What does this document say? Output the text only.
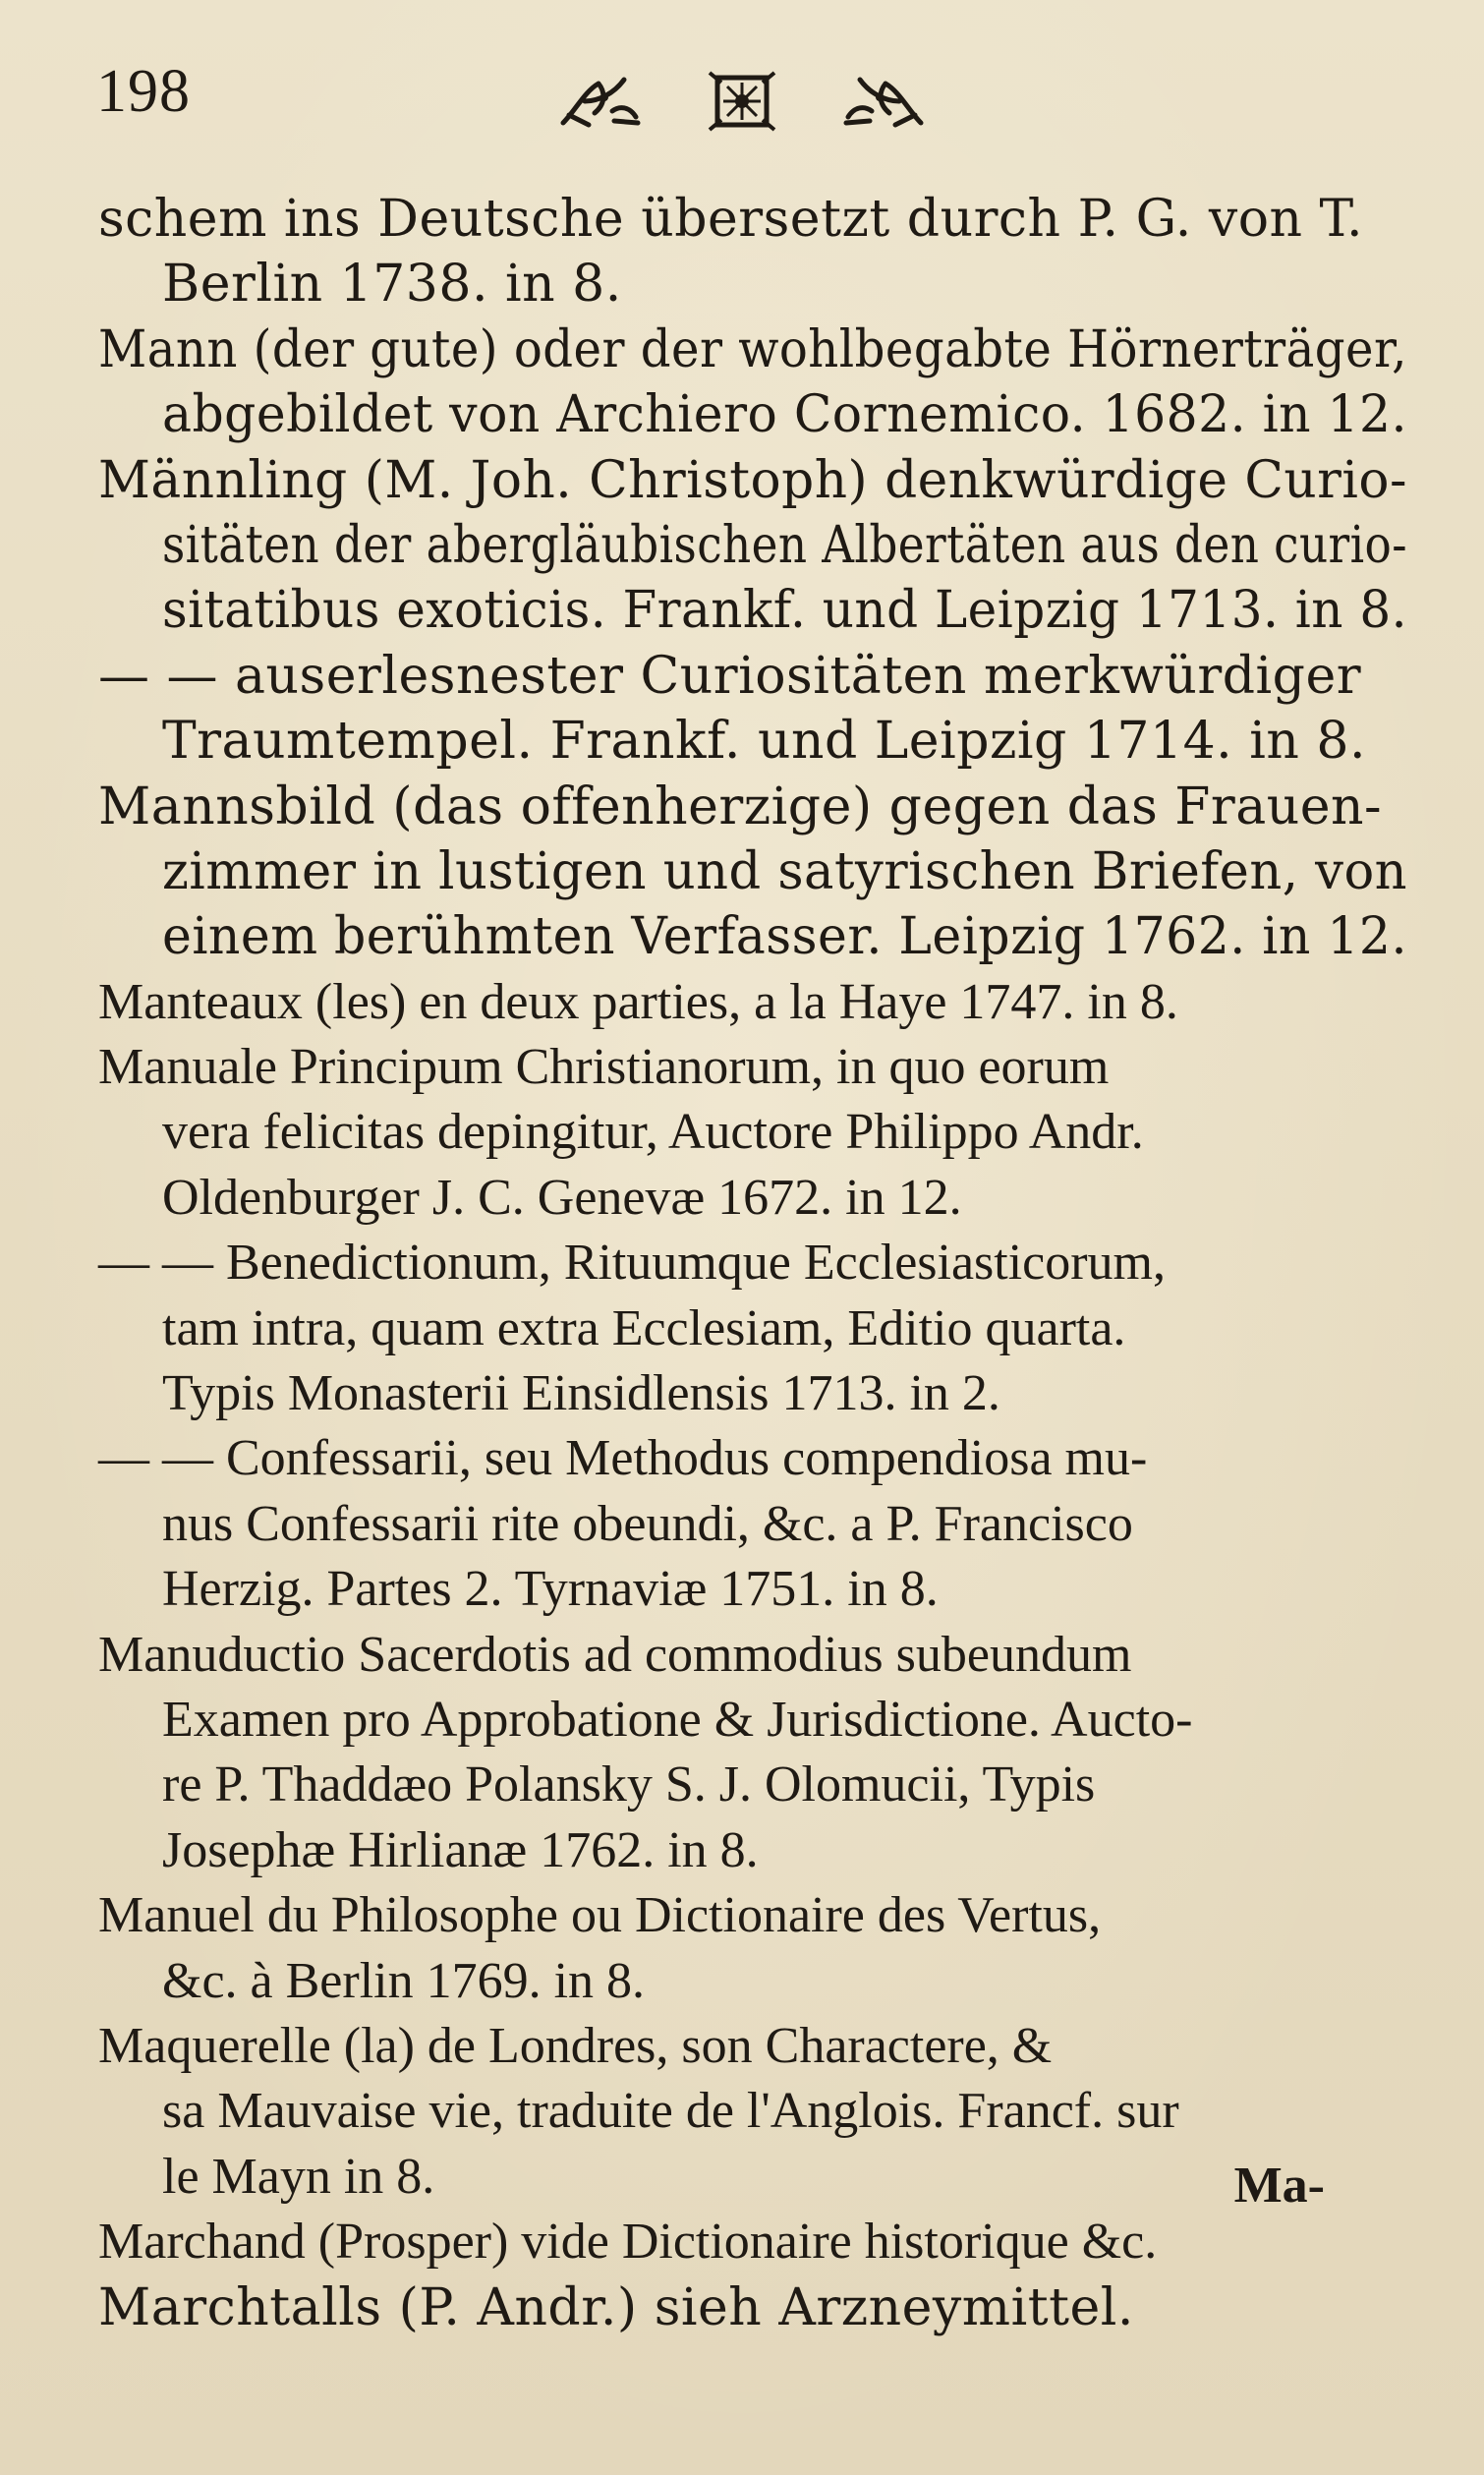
198
schem ins Deutsche übersetzt durch P. G. von T.
Berlin 1738. in 8.
Mann (der gute) oder der wohlbegabte Hörnerträger,
abgebildet von Archiero Cornemico. 1682. in 12.
Männling (M. Joh. Christoph) denkwürdige Curio-
sitäten der abergläubischen Albertäten aus den curio-
sitatibus exoticis. Frankf. und Leipzig 1713. in 8.
— — auserlesnester Curiositäten merkwürdiger
Traumtempel. Frankf. und Leipzig 1714. in 8.
Mannsbild (das offenherzige) gegen das Frauen-
zimmer in lustigen und satyrischen Briefen, von
einem berühmten Verfasser. Leipzig 1762. in 12.
Manteaux (les) en deux parties, a la Haye 1747. in 8.
Manuale Principum Christianorum, in quo eorum
vera felicitas depingitur, Auctore Philippo Andr.
Oldenburger J. C. Genevæ 1672. in 12.
— — Benedictionum, Rituumque Ecclesiasticorum,
tam intra, quam extra Ecclesiam, Editio quarta.
Typis Monasterii Einsidlensis 1713. in 2.
— — Confessarii, seu Methodus compendiosa mu-
nus Confessarii rite obeundi, &c. a P. Francisco
Herzig. Partes 2. Tyrnaviæ 1751. in 8.
Manuductio Sacerdotis ad commodius subeundum
Examen pro Approbatione & Jurisdictione. Aucto-
re P. Thaddæo Polansky S. J. Olomucii, Typis
Josephæ Hirlianæ 1762. in 8.
Manuel du Philosophe ou Dictionaire des Vertus,
&c. à Berlin 1769. in 8.
Maquerelle (la) de Londres, son Charactere, &
sa Mauvaise vie, traduite de l'Anglois. Francf. sur
le Mayn in 8.
Marchand (Prosper) vide Dictionaire historique &c.
Marchtalls (P. Andr.) sieh Arzneymittel.
Ma-
